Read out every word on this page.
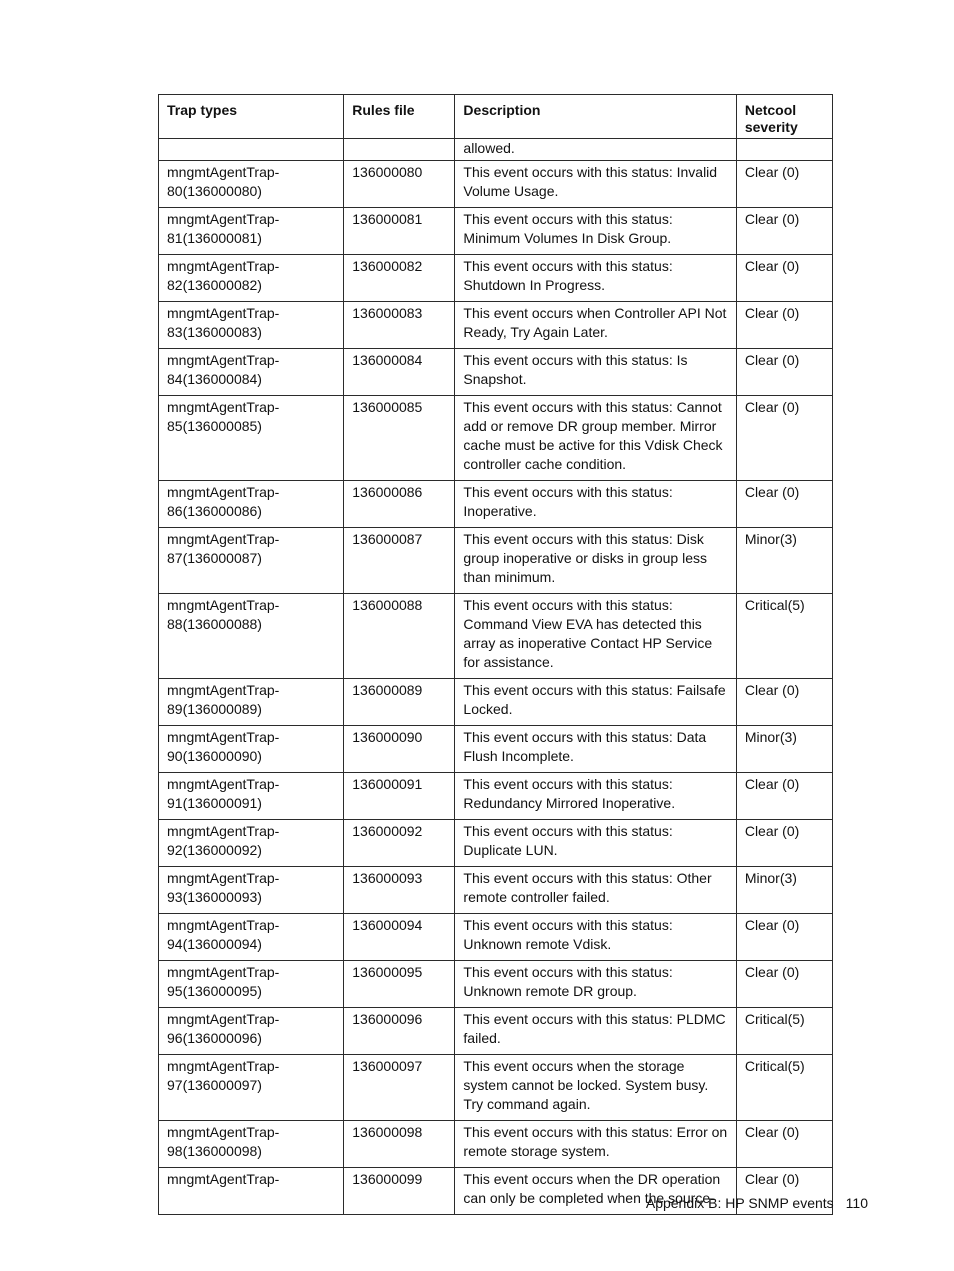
Trap types	Rules file	Description	Netcool
severity

		allowed.	

mngmtAgentTrap-
80(136000080)	136000080	This event occurs with this status: Invalid Volume Usage.	Clear (0)

mngmtAgentTrap-
81(136000081)	136000081	This event occurs with this status: Minimum Volumes In Disk Group.	Clear (0)

mngmtAgentTrap-
82(136000082)	136000082	This event occurs with this status: Shutdown In Progress.	Clear (0)

mngmtAgentTrap-
83(136000083)	136000083	This event occurs when Controller API Not Ready, Try Again Later.	Clear (0)

mngmtAgentTrap-
84(136000084)	136000084	This event occurs with this status: Is Snapshot.	Clear (0)

mngmtAgentTrap-
85(136000085)	136000085	This event occurs with this status: Cannot add or remove DR group member. Mirror cache must be active for this Vdisk Check controller cache condition.	Clear (0)

mngmtAgentTrap-
86(136000086)	136000086	This event occurs with this status: Inoperative.	Clear (0)

mngmtAgentTrap-
87(136000087)	136000087	This event occurs with this status: Disk group inoperative or disks in group less than minimum.	Minor(3)

mngmtAgentTrap-
88(136000088)	136000088	This event occurs with this status: Command View EVA has detected this array as inoperative Contact HP Service for assistance.	Critical(5)

mngmtAgentTrap-
89(136000089)	136000089	This event occurs with this status: Failsafe Locked.	Clear (0)

mngmtAgentTrap-
90(136000090)	136000090	This event occurs with this status: Data Flush Incomplete.	Minor(3)

mngmtAgentTrap-
91(136000091)	136000091	This event occurs with this status: Redundancy Mirrored Inoperative.	Clear (0)

mngmtAgentTrap-
92(136000092)	136000092	This event occurs with this status: Duplicate LUN.	Clear (0)

mngmtAgentTrap-
93(136000093)	136000093	This event occurs with this status: Other remote controller failed.	Minor(3)

mngmtAgentTrap-
94(136000094)	136000094	This event occurs with this status: Unknown remote Vdisk.	Clear (0)

mngmtAgentTrap-
95(136000095)	136000095	This event occurs with this status: Unknown remote DR group.	Clear (0)

mngmtAgentTrap-
96(136000096)	136000096	This event occurs with this status: PLDMC failed.	Critical(5)

mngmtAgentTrap-
97(136000097)	136000097	This event occurs when the storage system cannot be locked. System busy. Try command again.	Critical(5)

mngmtAgentTrap-
98(136000098)	136000098	This event occurs with this status: Error on remote storage system.	Clear (0)

mngmtAgentTrap-	136000099	This event occurs when the DR operation can only be completed when the source-	Clear (0)
Appendix B: HP SNMP events 110
